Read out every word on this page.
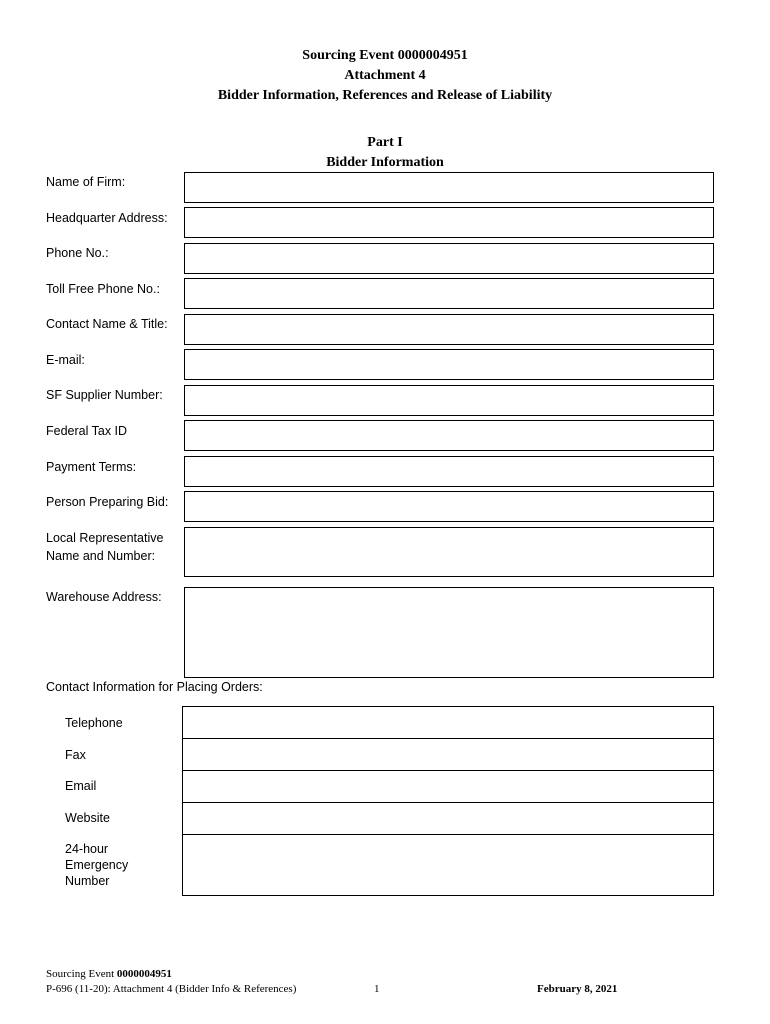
Sourcing Event 0000004951
Attachment 4
Bidder Information, References and Release of Liability
Part I
Bidder Information
Name of Firm:
Headquarter Address:
Phone No.:
Toll Free Phone No.:
Contact Name & Title:
E-mail:
SF Supplier Number:
Federal Tax ID
Payment Terms:
Person Preparing Bid:
Local Representative
Name and Number:
Warehouse Address:
Contact Information for Placing Orders:
Telephone
Fax
Email
Website
24-hour
Emergency
Number
Sourcing Event 0000004951
P-696 (11-20): Attachment 4 (Bidder Info & References)	1	February 8, 2021
